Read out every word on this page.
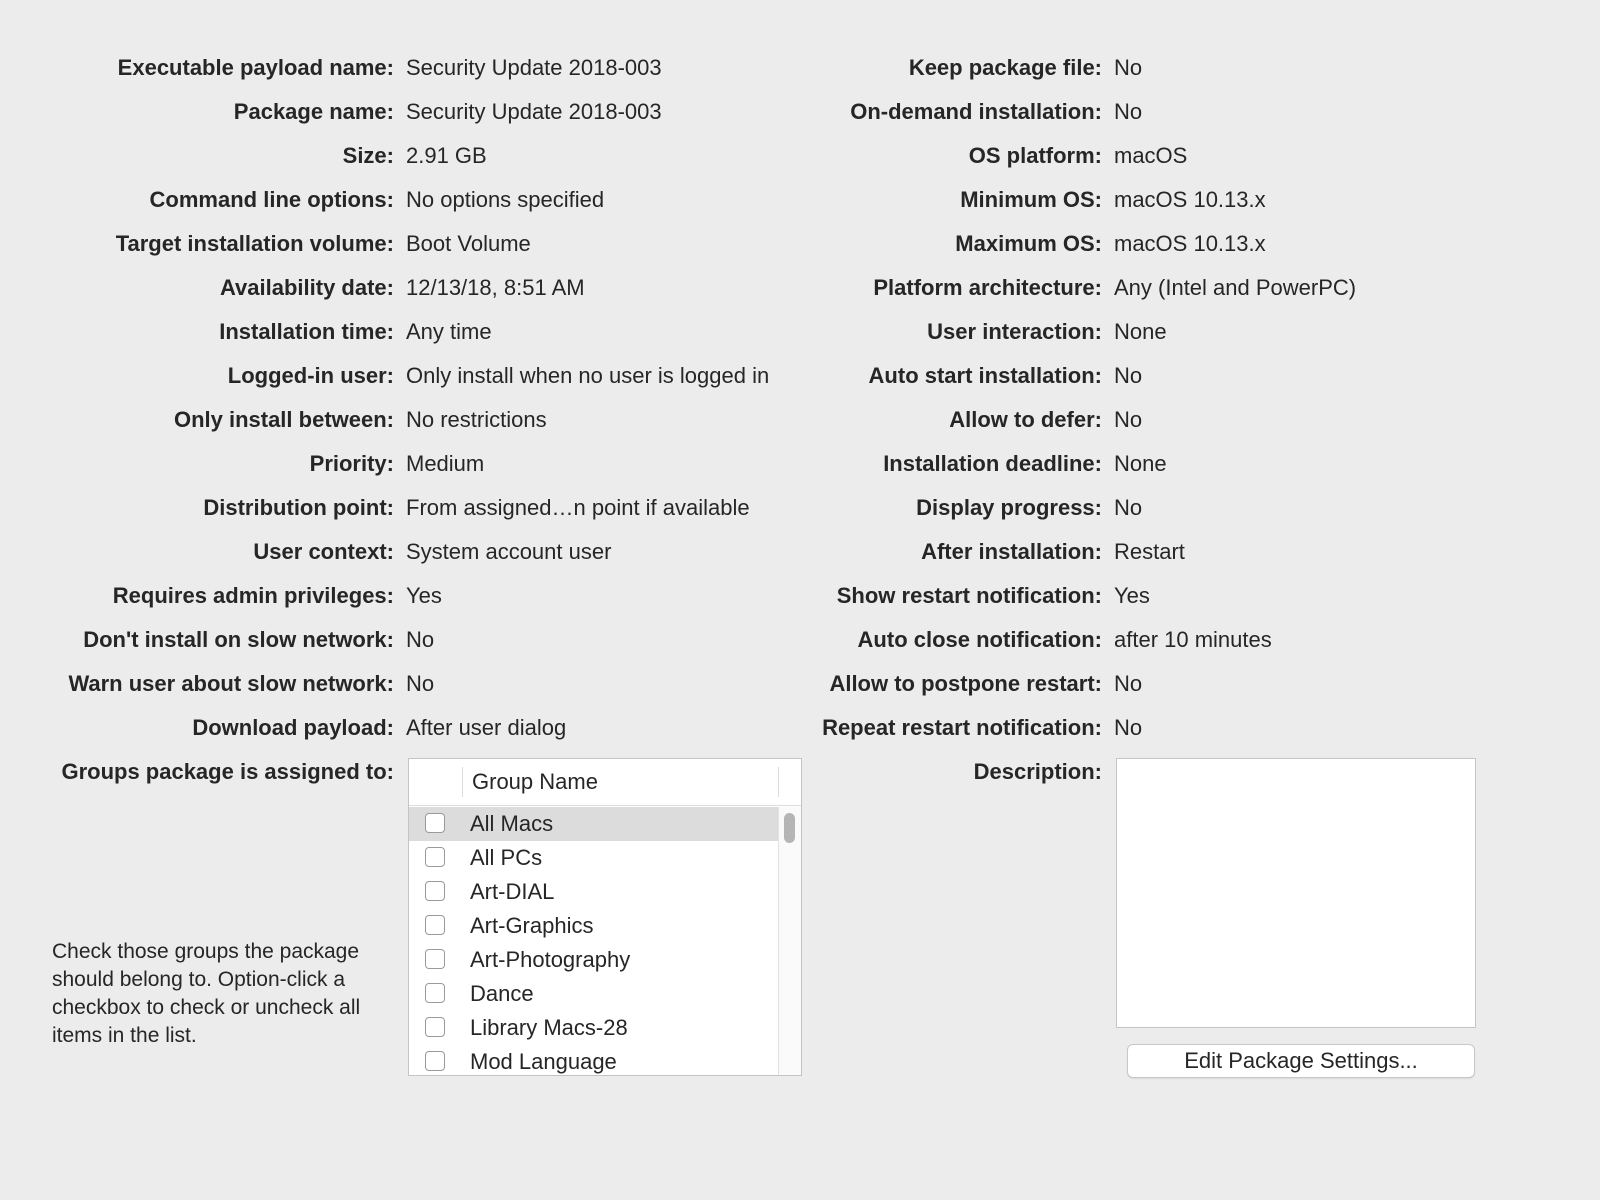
Executable payload name: Security Update 2018-003
Package name: Security Update 2018-003
Size: 2.91 GB
Command line options: No options specified
Target installation volume: Boot Volume
Availability date: 12/13/18, 8:51 AM
Installation time: Any time
Logged-in user: Only install when no user is logged in
Only install between: No restrictions
Priority: Medium
Distribution point: From assigned…n point if available
User context: System account user
Requires admin privileges: Yes
Don't install on slow network: No
Warn user about slow network: No
Download payload: After user dialog
Keep package file: No
On-demand installation: No
OS platform: macOS
Minimum OS: macOS 10.13.x
Maximum OS: macOS 10.13.x
Platform architecture: Any (Intel and PowerPC)
User interaction: None
Auto start installation: No
Allow to defer: No
Installation deadline: None
Display progress: No
After installation: Restart
Show restart notification: Yes
Auto close notification: after 10 minutes
Allow to postpone restart: No
Repeat restart notification: No
Groups package is assigned to:	Group Name
All Macs
All PCs
Art-DIAL
Art-Graphics
Art-Photography
Dance
Library Macs-28
Mod Language
Check those groups the package should belong to. Option-click a checkbox to check or uncheck all items in the list.
Description:
Edit Package Settings...
